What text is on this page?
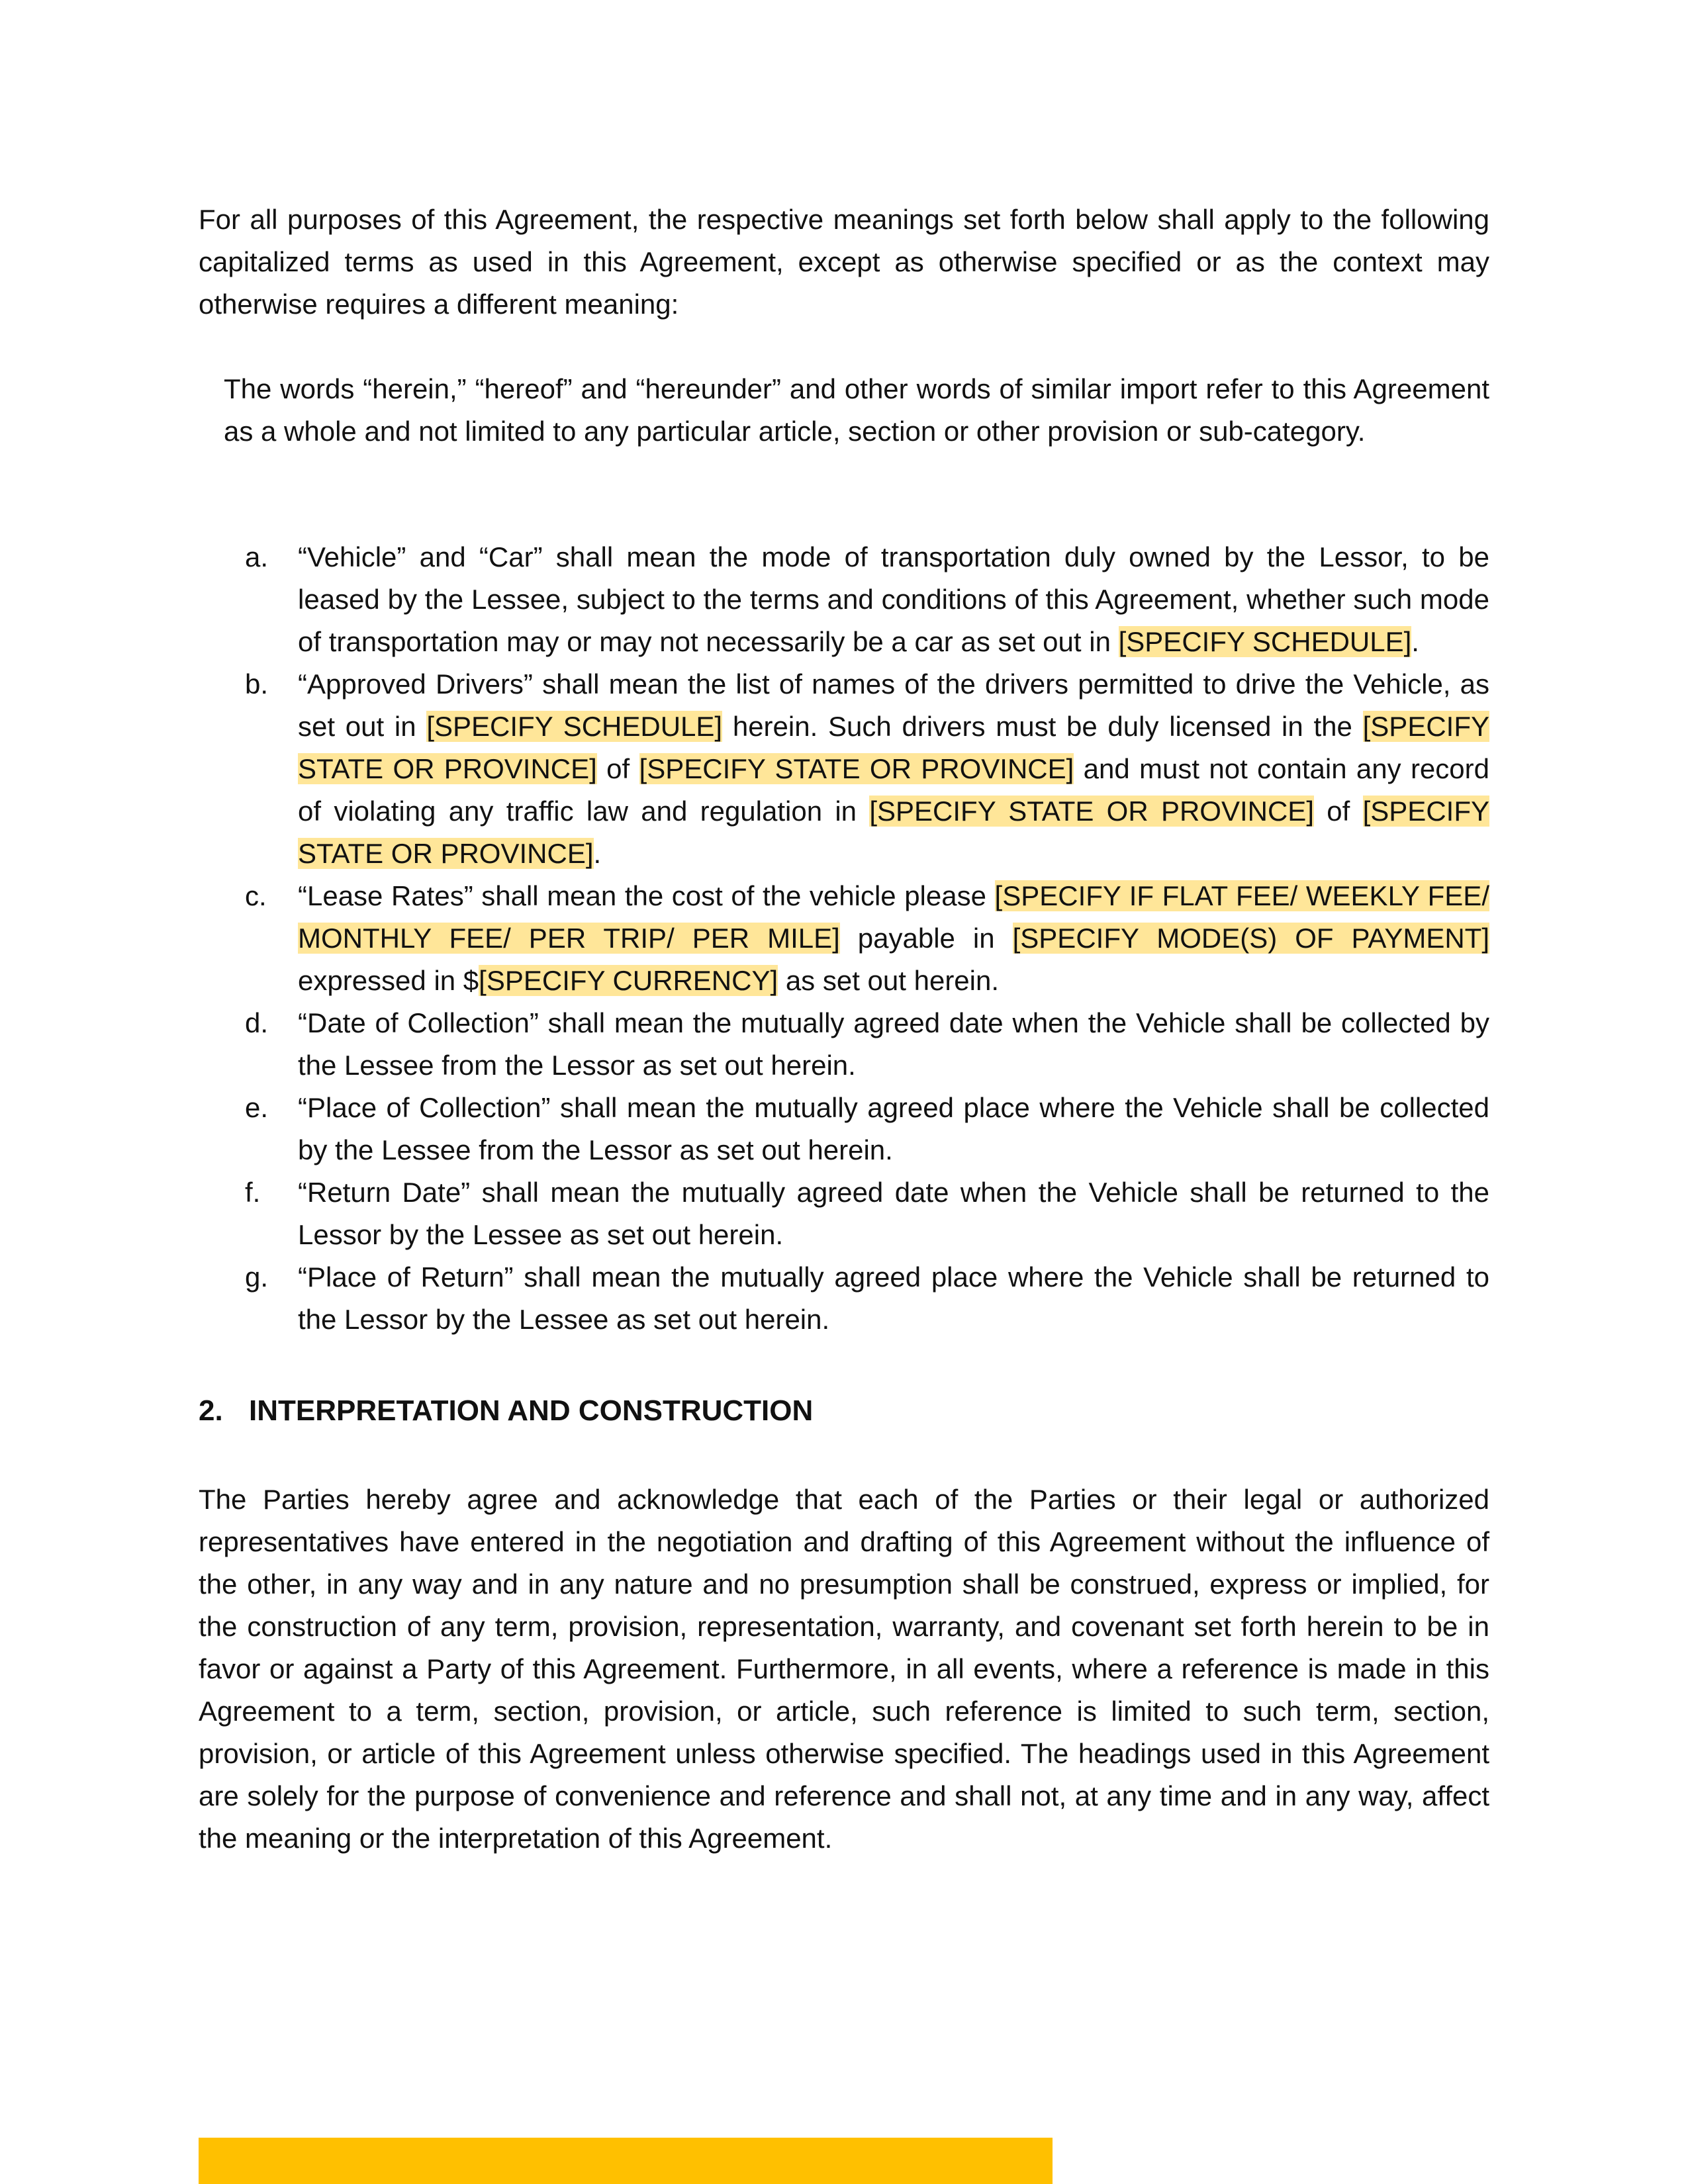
For all purposes of this Agreement, the respective meanings set forth below shall apply to the following capitalized terms as used in this Agreement, except as otherwise specified or as the context may otherwise requires a different meaning:

The words “herein,” “hereof” and “hereunder” and other words of similar import refer to this Agreement as a whole and not limited to any particular article, section or other provision or sub-category.

a.	“Vehicle” and “Car” shall mean the mode of transportation duly owned by the Lessor, to be leased by the Lessee, subject to the terms and conditions of this Agreement, whether such mode of transportation may or may not necessarily be a car as set out in [SPECIFY SCHEDULE].
b.	“Approved Drivers” shall mean the list of names of the drivers permitted to drive the Vehicle, as set out in [SPECIFY SCHEDULE] herein. Such drivers must be duly licensed in the [SPECIFY STATE OR PROVINCE] of [SPECIFY STATE OR PROVINCE] and must not contain any record of violating any traffic law and regulation in [SPECIFY STATE OR PROVINCE] of [SPECIFY STATE OR PROVINCE].
c.	“Lease Rates” shall mean the cost of the vehicle please [SPECIFY IF FLAT FEE/ WEEKLY FEE/ MONTHLY FEE/ PER TRIP/ PER MILE] payable in [SPECIFY MODE(S) OF PAYMENT] expressed in $[SPECIFY CURRENCY] as set out herein.
d.	“Date of Collection” shall mean the mutually agreed date when the Vehicle shall be collected by the Lessee from the Lessor as set out herein.
e.	“Place of Collection” shall mean the mutually agreed place where the Vehicle shall be collected by the Lessee from the Lessor as set out herein.
f.	“Return Date” shall mean the mutually agreed date when the Vehicle shall be returned to the Lessor by the Lessee as set out herein.
g.	“Place of Return” shall mean the mutually agreed place where the Vehicle shall be returned to the Lessor by the Lessee as set out herein.
2. INTERPRETATION AND CONSTRUCTION

The Parties hereby agree and acknowledge that each of the Parties or their legal or authorized representatives have entered in the negotiation and drafting of this Agreement without the influence of the other, in any way and in any nature and no presumption shall be construed, express or implied, for the construction of any term, provision, representation, warranty, and covenant set forth herein to be in favor or against a Party of this Agreement. Furthermore, in all events, where a reference is made in this Agreement to a term, section, provision, or article, such reference is limited to such term, section, provision, or article of this Agreement unless otherwise specified. The headings used in this Agreement are solely for the purpose of convenience and reference and shall not, at any time and in any way, affect the meaning or the interpretation of this Agreement.
